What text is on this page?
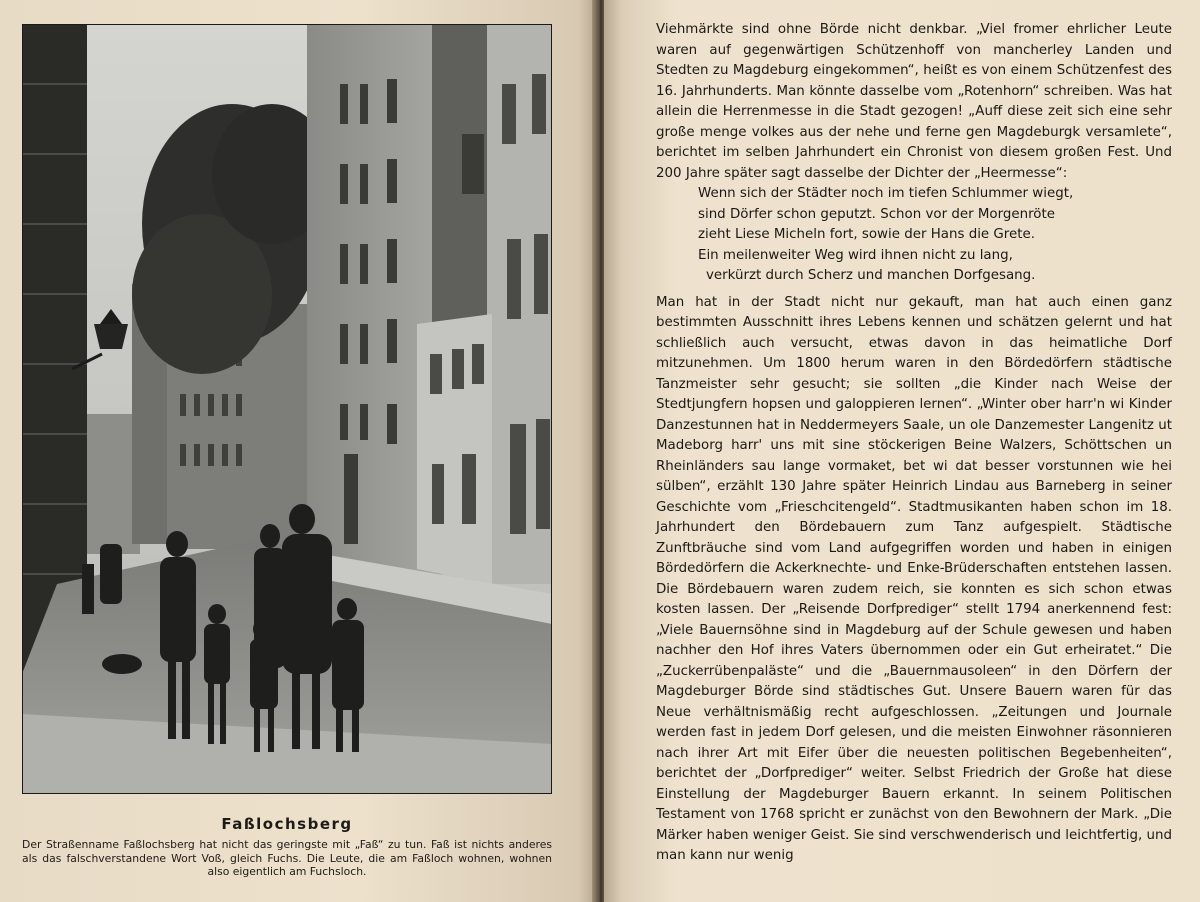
Faßlochsberg
Der Straßenname Faßlochsberg hat nicht das geringste mit „Faß“ zu tun. Faß ist nichts anderes als das falschverstandene Wort Voß, gleich Fuchs. Die Leute, die am Faßloch wohnen, wohnen also eigentlich am Fuchsloch.

Viehmärkte sind ohne Börde nicht denkbar. „Viel fromer ehrlicher Leute waren auf gegenwärtigen Schützenhoff von mancherley Landen und Stedten zu Magdeburg eingekommen“, heißt es von einem Schützenfest des 16. Jahrhunderts. Man könnte dasselbe vom „Rotenhorn“ schreiben. Was hat allein die Herrenmesse in die Stadt gezogen! „Auff diese zeit sich eine sehr große menge volkes aus der nehe und ferne gen Magdeburgk versamlete“, berichtet im selben Jahrhundert ein Chronist von diesem großen Fest. Und 200 Jahre später sagt dasselbe der Dichter der „Heermesse“:

Wenn sich der Städter noch im tiefen Schlummer wiegt,
sind Dörfer schon geputzt. Schon vor der Morgenröte
zieht Liese Micheln fort, sowie der Hans die Grete.
Ein meilenweiter Weg wird ihnen nicht zu lang,
verkürzt durch Scherz und manchen Dorfgesang.

Man hat in der Stadt nicht nur gekauft, man hat auch einen ganz bestimmten Ausschnitt ihres Lebens kennen und schätzen gelernt und hat schließlich auch versucht, etwas davon in das heimatliche Dorf mitzunehmen. Um 1800 herum waren in den Bördedörfern städtische Tanzmeister sehr gesucht; sie sollten „die Kinder nach Weise der Stedtjungfern hopsen und galoppieren lernen“. „Winter ober harr'n wi Kinder Danzestunnen hat in Neddermeyers Saale, un ole Danzemester Langenitz ut Madeborg harr' uns mit sine stöckerigen Beine Walzers, Schöttschen un Rheinländers sau lange vormaket, bet wi dat besser vorstunnen wie hei sülben“, erzählt 130 Jahre später Heinrich Lindau aus Barneberg in seiner Geschichte vom „Frieschcitengeld“. Stadtmusikanten haben schon im 18. Jahrhundert den Bördebauern zum Tanz aufgespielt. Städtische Zunftbräuche sind vom Land aufgegriffen worden und haben in einigen Bördedörfern die Ackerknechte- und Enke-Brüderschaften entstehen lassen. Die Bördebauern waren zudem reich, sie konnten es sich schon etwas kosten lassen. Der „Reisende Dorfprediger“ stellt 1794 anerkennend fest: „Viele Bauernsöhne sind in Magdeburg auf der Schule gewesen und haben nachher den Hof ihres Vaters übernommen oder ein Gut erheiratet.“ Die „Zuckerrübenpaläste“ und die „Bauernmausoleen“ in den Dörfern der Magdeburger Börde sind städtisches Gut. Unsere Bauern waren für das Neue verhältnismäßig recht aufgeschlossen. „Zeitungen und Journale werden fast in jedem Dorf gelesen, und die meisten Einwohner räsonnieren nach ihrer Art mit Eifer über die neuesten politischen Begebenheiten“, berichtet der „Dorfprediger“ weiter. Selbst Friedrich der Große hat diese Einstellung der Magdeburger Bauern erkannt. In seinem Politischen Testament von 1768 spricht er zunächst von den Bewohnern der Mark. „Die Märker haben weniger Geist. Sie sind verschwenderisch und leichtfertig, und man kann nur wenig
